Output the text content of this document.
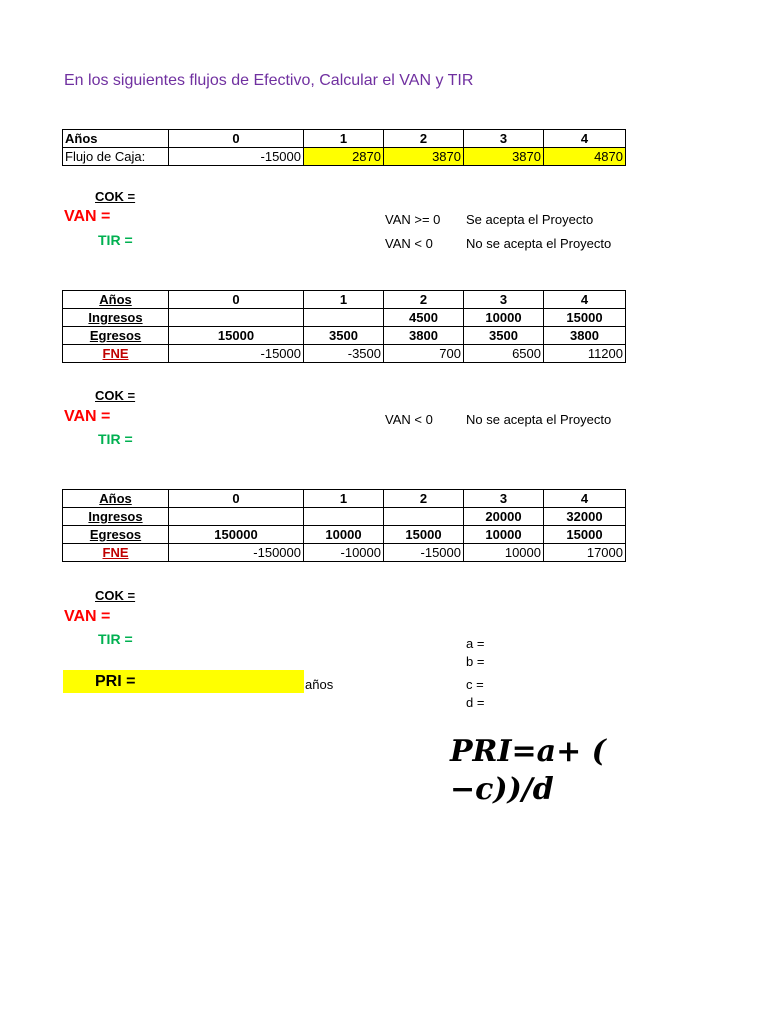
En los siguientes flujos de Efectivo, Calcular el VAN y TIR
Años	0	1	2	3	4
Flujo de Caja:	-15000	2870	3870	3870	4870
COK =
VAN =
TIR =
VAN >= 0 Se acepta el Proyecto
VAN < 0	No se acepta el Proyecto
Años	0	1	2	3	4
Ingresos			4500	10000	15000
Egresos	15000	3500	3800	3500	3800
FNE	-15000	-3500	700	6500	11200
COK =
VAN =
TIR =
VAN < 0	No se acepta el Proyecto
Años	0	1	2	3	4
Ingresos				20000	32000
Egresos	150000	10000	15000	10000	15000
FNE	-150000	-10000	-15000	10000	17000
COK =
VAN =
TIR =
PRI =	años
a =
b =
c =
d =
PRI=a+ (
−c))/d
